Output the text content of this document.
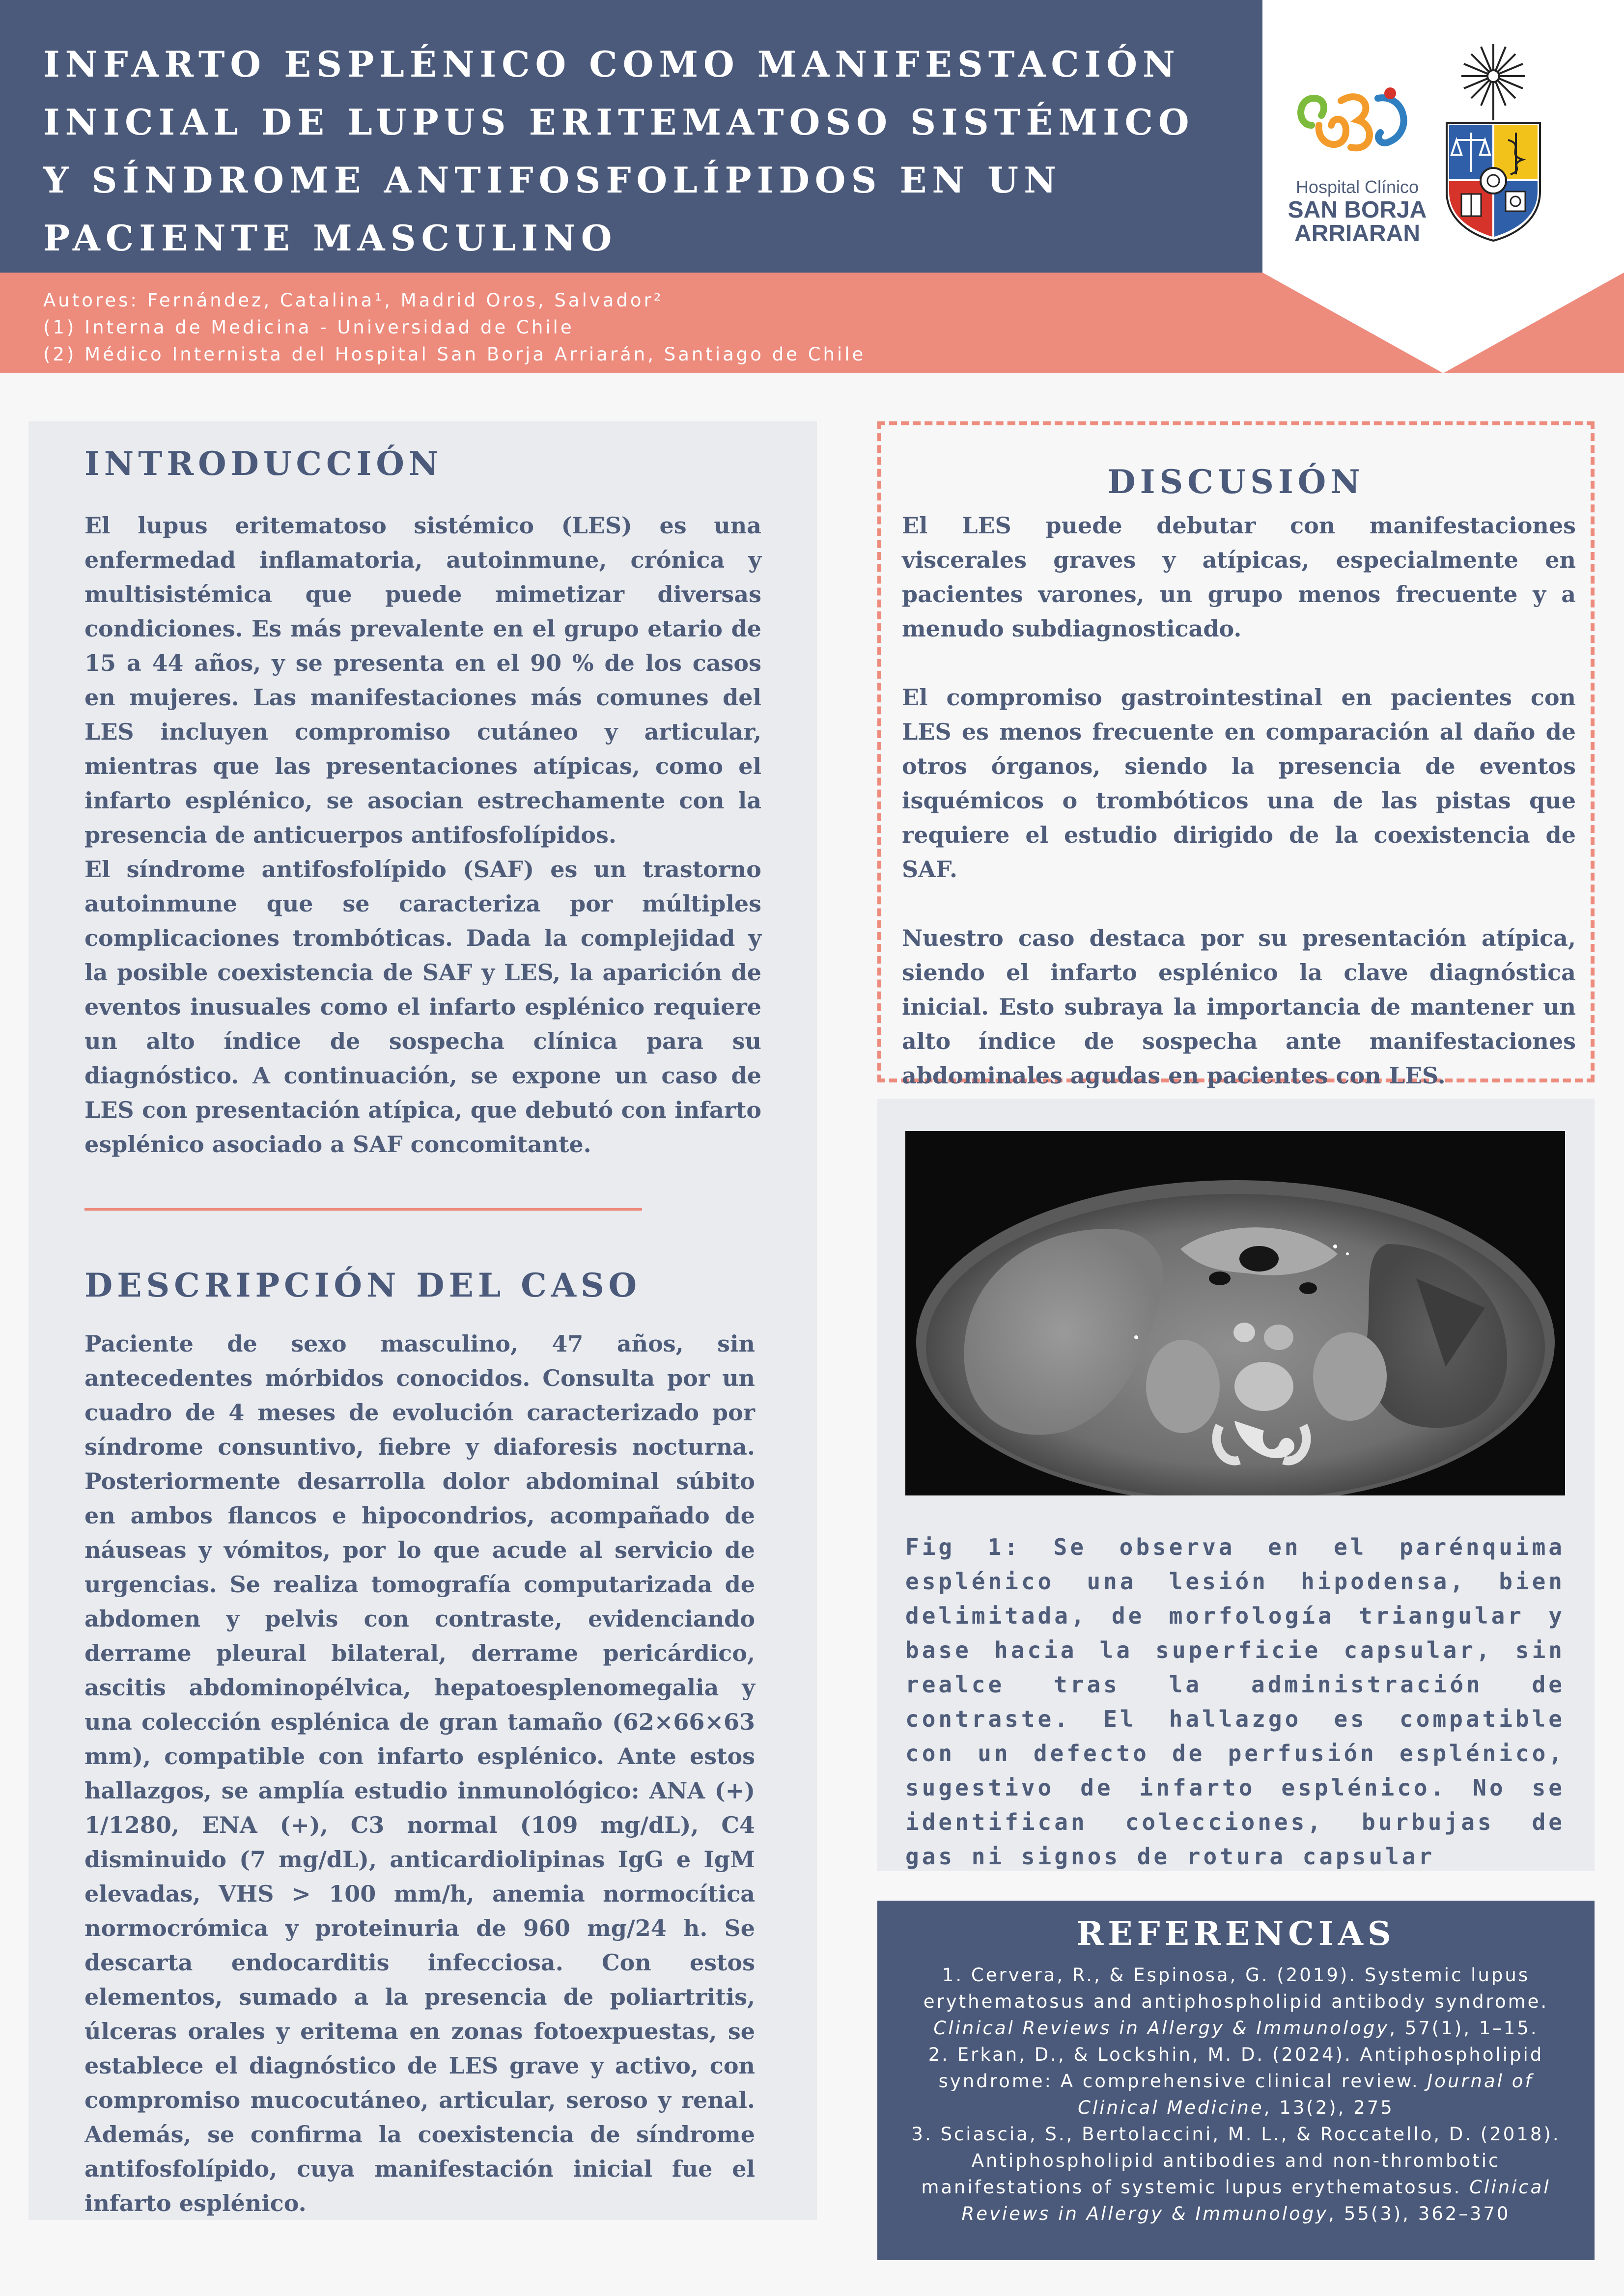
INFARTO ESPLÉNICO COMO MANIFESTACIÓN INICIAL DE LUPUS ERITEMATOSO SISTÉMICO Y SÍNDROME ANTIFOSFOLÍPIDOS EN UN PACIENTE MASCULINO
Autores: Fernández, Catalina¹, Madrid Oros, Salvador²
(1) Interna de Medicina - Universidad de Chile
(2) Médico Internista del Hospital San Borja Arriarán, Santiago de Chile
Hospital Clínico
SAN BORJA
ARRIARAN
INTRODUCCIÓN
El lupus eritematoso sistémico (LES) es una enfermedad inflamatoria, autoinmune, crónica y multisistémica que puede mimetizar diversas condiciones. Es más prevalente en el grupo etario de 15 a 44 años, y se presenta en el 90 % de los casos en mujeres. Las manifestaciones más comunes del LES incluyen compromiso cutáneo y articular, mientras que las presentaciones atípicas, como el infarto esplénico, se asocian estrechamente con la presencia de anticuerpos antifosfolípidos.
El síndrome antifosfolípido (SAF) es un trastorno autoinmune que se caracteriza por múltiples complicaciones trombóticas. Dada la complejidad y la posible coexistencia de SAF y LES, la aparición de eventos inusuales como el infarto esplénico requiere un alto índice de sospecha clínica para su diagnóstico. A continuación, se expone un caso de LES con presentación atípica, que debutó con infarto esplénico asociado a SAF concomitante.
DESCRIPCIÓN DEL CASO
Paciente de sexo masculino, 47 años, sin antecedentes mórbidos conocidos. Consulta por un cuadro de 4 meses de evolución caracterizado por síndrome consuntivo, fiebre y diaforesis nocturna. Posteriormente desarrolla dolor abdominal súbito en ambos flancos e hipocondrios, acompañado de náuseas y vómitos, por lo que acude al servicio de urgencias. Se realiza tomografía computarizada de abdomen y pelvis con contraste, evidenciando derrame pleural bilateral, derrame pericárdico, ascitis abdominopélvica, hepatoesplenomegalia y una colección esplénica de gran tamaño (62×66×63 mm), compatible con infarto esplénico. Ante estos hallazgos, se amplía estudio inmunológico: ANA (+) 1/1280, ENA (+), C3 normal (109 mg/dL), C4 disminuido (7 mg/dL), anticardiolipinas IgG e IgM elevadas, VHS > 100 mm/h, anemia normocítica normocrómica y proteinuria de 960 mg/24 h. Se descarta endocarditis infecciosa. Con estos elementos, sumado a la presencia de poliartritis, úlceras orales y eritema en zonas fotoexpuestas, se establece el diagnóstico de LES grave y activo, con compromiso mucocutáneo, articular, seroso y renal. Además, se confirma la coexistencia de síndrome antifosfolípido, cuya manifestación inicial fue el infarto esplénico.
DISCUSIÓN
El LES puede debutar con manifestaciones viscerales graves y atípicas, especialmente en pacientes varones, un grupo menos frecuente y a menudo subdiagnosticado.
El compromiso gastrointestinal en pacientes con LES es menos frecuente en comparación al daño de otros órganos, siendo la presencia de eventos isquémicos o trombóticos una de las pistas que requiere el estudio dirigido de la coexistencia de SAF.
Nuestro caso destaca por su presentación atípica, siendo el infarto esplénico la clave diagnóstica inicial. Esto subraya la importancia de mantener un alto índice de sospecha ante manifestaciones abdominales agudas en pacientes con LES.
Fig 1: Se observa en el parénquima esplénico una lesión hipodensa, bien delimitada, de morfología triangular y base hacia la superficie capsular, sin realce tras la administración de contraste. El hallazgo es compatible con un defecto de perfusión esplénico, sugestivo de infarto esplénico. No se identifican colecciones, burbujas de gas ni signos de rotura capsular
REFERENCIAS
1. Cervera, R., & Espinosa, G. (2019). Systemic lupus erythematosus and antiphospholipid antibody syndrome. Clinical Reviews in Allergy & Immunology, 57(1), 1–15.
2. Erkan, D., & Lockshin, M. D. (2024). Antiphospholipid syndrome: A comprehensive clinical review. Journal of Clinical Medicine, 13(2), 275
3. Sciascia, S., Bertolaccini, M. L., & Roccatello, D. (2018). Antiphospholipid antibodies and non-thrombotic manifestations of systemic lupus erythematosus. Clinical Reviews in Allergy & Immunology, 55(3), 362–370
